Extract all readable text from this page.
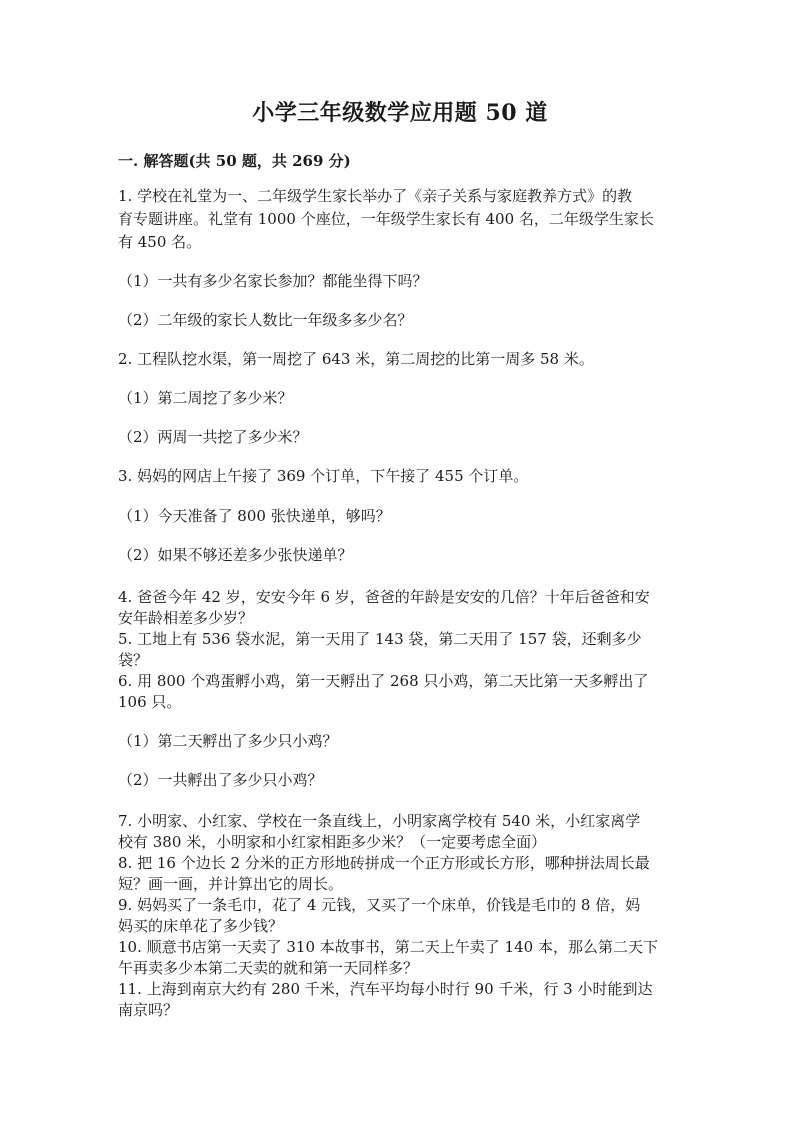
小学三年级数学应用题 50 道
一. 解答题(共 50 题，共 269 分)
1. 学校在礼堂为一、二年级学生家长举办了《亲子关系与家庭教养方式》的教
育专题讲座。礼堂有 1000 个座位，一年级学生家长有 400 名，二年级学生家长
有 450 名。
（1）一共有多少名家长参加？都能坐得下吗？
（2）二年级的家长人数比一年级多多少名？
2. 工程队挖水渠，第一周挖了 643 米，第二周挖的比第一周多 58 米。
（1）第二周挖了多少米？
（2）两周一共挖了多少米？
3. 妈妈的网店上午接了 369 个订单，下午接了 455 个订单。
（1）今天准备了 800 张快递单，够吗？
（2）如果不够还差多少张快递单？
4. 爸爸今年 42 岁，安安今年 6 岁，爸爸的年龄是安安的几倍？十年后爸爸和安
安年龄相差多少岁？
5. 工地上有 536 袋水泥，第一天用了 143 袋，第二天用了 157 袋，还剩多少
袋？
6. 用 800 个鸡蛋孵小鸡，第一天孵出了 268 只小鸡，第二天比第一天多孵出了
106 只。
（1）第二天孵出了多少只小鸡？
（2）一共孵出了多少只小鸡？
7. 小明家、小红家、学校在一条直线上，小明家离学校有 540 米，小红家离学
校有 380 米，小明家和小红家相距多少米？（一定要考虑全面）
8. 把 16 个边长 2 分米的正方形地砖拼成一个正方形或长方形，哪种拼法周长最
短？画一画，并计算出它的周长。
9. 妈妈买了一条毛巾，花了 4 元钱，又买了一个床单，价钱是毛巾的 8 倍，妈
妈买的床单花了多少钱？
10. 顺意书店第一天卖了 310 本故事书，第二天上午卖了 140 本，那么第二天下
午再卖多少本第二天卖的就和第一天同样多？
11. 上海到南京大约有 280 千米，汽车平均每小时行 90 千米，行 3 小时能到达
南京吗？
